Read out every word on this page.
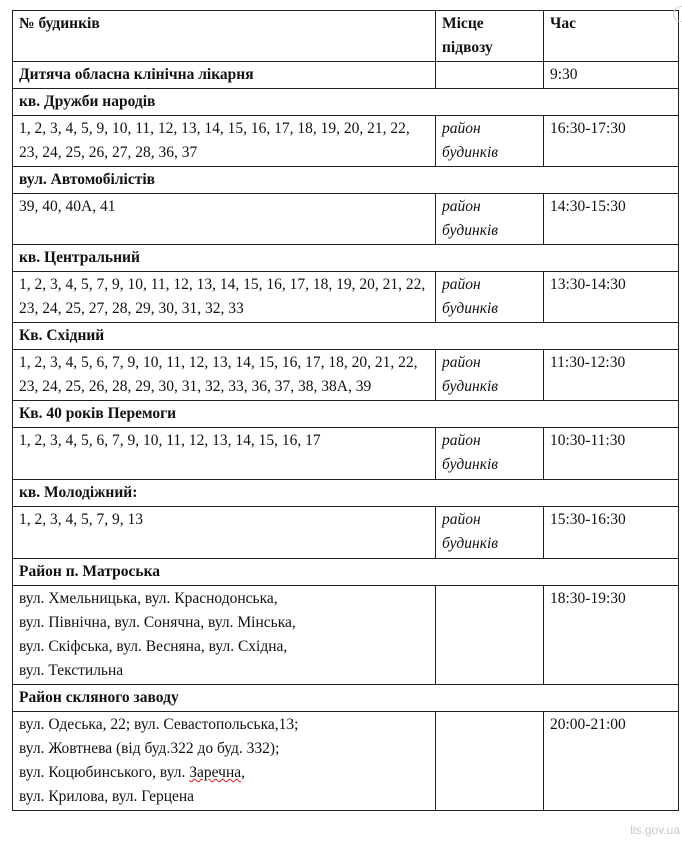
№ будинків	Місце підвозу	Час
Дитяча обласна клінічна лікарня		9:30
кв. Дружби народів		
1, 2, 3, 4, 5, 9, 10, 11, 12, 13, 14, 15, 16, 17, 18, 19, 20, 21, 22, 23, 24, 25, 26, 27, 28, 36, 37	район будинків	16:30-17:30
вул. Автомобілістів		
39, 40, 40А, 41	район будинків	14:30-15:30
кв. Центральний		
1, 2, 3, 4, 5, 7, 9, 10, 11, 12, 13, 14, 15, 16, 17, 18, 19, 20, 21, 22, 23, 24, 25, 27, 28, 29, 30, 31, 32, 33	район будинків	13:30-14:30
Кв. Східний		
1, 2, 3, 4, 5, 6, 7, 9, 10, 11, 12, 13, 14, 15, 16, 17, 18, 20, 21, 22, 23, 24, 25, 26, 28, 29, 30, 31, 32, 33, 36, 37, 38, 38А, 39	район будинків	11:30-12:30
Кв. 40 років Перемоги		
1, 2, 3, 4, 5, 6, 7, 9, 10, 11, 12, 13, 14, 15, 16, 17	район будинків	10:30-11:30
кв. Молодіжний:		
1, 2, 3, 4, 5, 7, 9, 13	район будинків	15:30-16:30
Район п. Матроська		

вул. Хмельницька, вул. Краснодонська,
вул. Північна, вул. Сонячна, вул. Мінська,
вул. Скіфська, вул. Весняна, вул. Східна,
вул. Текстильна		18:30-19:30
Район скляного заводу		

вул. Одеська, 22; вул. Севастопольська,13;
вул. Жовтнева (від буд.322 до буд. 332);
вул. Коцюбинського, вул. Заречна,
вул. Крилова, вул. Герцена		20:00-21:00
lis.gov.ua
